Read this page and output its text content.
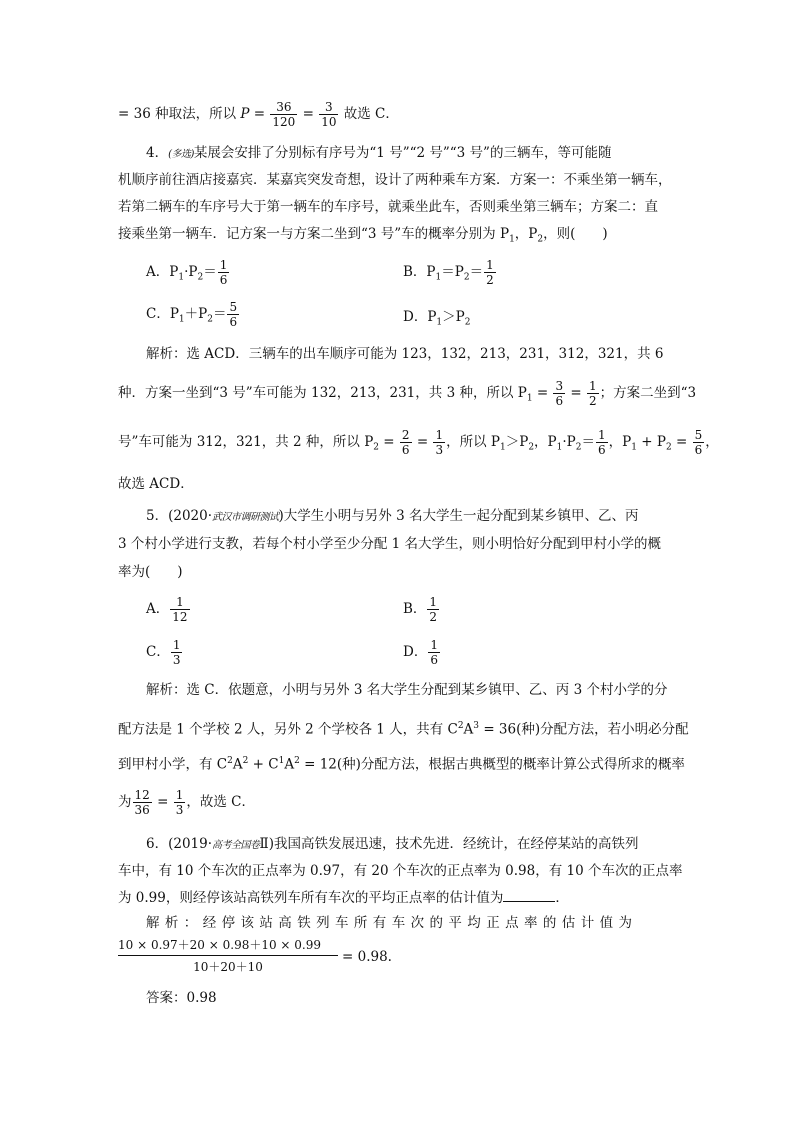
= 36 种取法，所以 $P = \frac{36}{120} = \frac{3}{10}$ 故选 C．
4．(多选)某展会安排了分别标有序号为“1 号”“2 号”“3 号”的三辆车，等可能随
机顺序前往酒店接嘉宾．某嘉宾突发奇想，设计了两种乘车方案．方案一：不乘坐第一辆车，
若第二辆车的车序号大于第一辆车的车序号，就乘坐此车，否则乘坐第三辆车；方案二：直
接乘坐第一辆车．记方案一与方案二坐到“3 号”车的概率分别为 $P_1$，$P_2$，则(　　)
A．$P_1\cdot P_2= \frac{1}{6}$	B．$P_1=P_2= \frac{1}{2}$
C．$P_1+P_2= \frac{5}{6}$	D．$P_1>P_2$
解析：选 ACD．三辆车的出车顺序可能为 123，132，213，231，312，321，共 6
种．方案一坐到“3 号”车可能为 132，213，231，共 3 种，所以 $P_1 = \frac{3}{6} = \frac{1}{2}$ ；方案二坐到“3
号”车可能为 312，321，共 2 种，所以 $P_2 = \frac{2}{6} = \frac{1}{3}$ ，所以 $P_1>P_2$，$P_1\cdot P_2= \frac{1}{6}$ ，$P_1 + P_2 = \frac{5}{6}$ ，
故选 ACD．
5．(2020·武汉市调研测试)大学生小明与另外 3 名大学生一起分配到某乡镇甲、乙、丙
3 个村小学进行支教，若每个村小学至少分配 1 名大学生，则小明恰好分配到甲村小学的概
率为(　　)
A． $\frac{1}{12}$	B． $\frac{1}{2}$
C． $\frac{1}{3}$	D． $\frac{1}{6}$
解析：选 C．依题意，小明与另外 3 名大学生分配到某乡镇甲、乙、丙 3 个村小学的分
配方法是 1 个学校 2 人，另外 2 个学校各 1 人，共有 $C^2A^3 = 36$(种)分配方法，若小明必分配
到甲村小学，有 $C^2A^2 + C^1A^2 = 12$(种)分配方法，根据古典概型的概率计算公式得所求的概率
为 $\frac{12}{36} = \frac{1}{3}$ ，故选 C．
6．(2019·高考全国卷Ⅱ)我国高铁发展迅速，技术先进．经统计，在经停某站的高铁列
车中，有 10 个车次的正点率为 0.97，有 20 个车次的正点率为 0.98，有 10 个车次的正点率
为 0.99，则经停该站高铁列车所有车次的平均正点率的估计值为	．
解析：经停该站高铁列车所有车次的平均正点率的估计值为
10 × 0.97＋20 × 0.98＋10 × 0.99
10＋20＋10
= 0.98.
答案：0.98
